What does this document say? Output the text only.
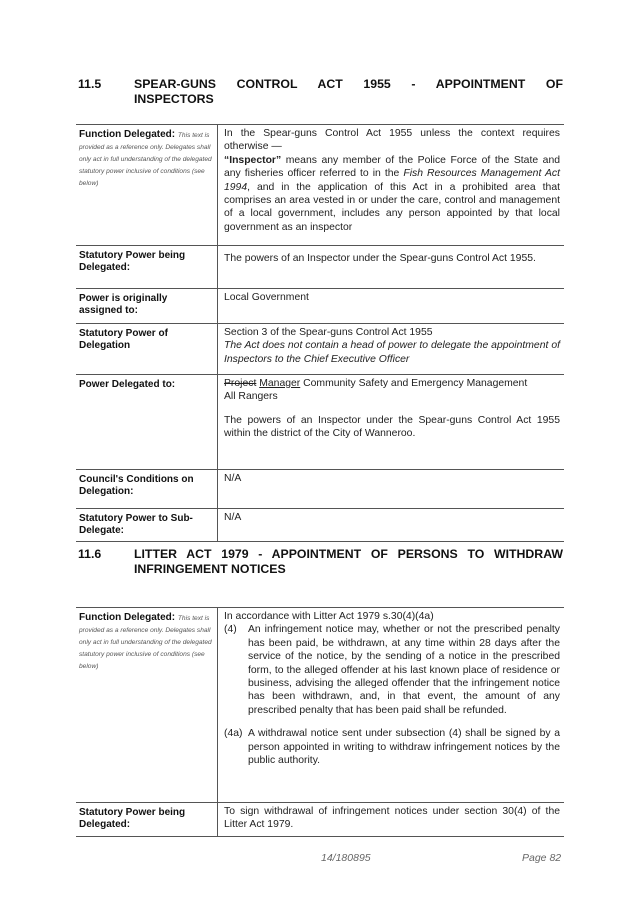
11.5	SPEAR-GUNS CONTROL ACT 1955 - APPOINTMENT OF
INSPECTORS
Function Delegated: This text is provided as a reference only. Delegates shall only act in full understanding of the delegated statutory power inclusive of conditions (see below)	In the Spear-guns Control Act 1955 unless the context requires otherwise —
“Inspector” means any member of the Police Force of the State and any fisheries officer referred to in the Fish Resources Management Act 1994, and in the application of this Act in a prohibited area that comprises an area vested in or under the care, control and management of a local government, includes any person appointed by that local government as an inspector

Statutory Power being Delegated:	The powers of an Inspector under the Spear-guns Control Act 1955.

Power is originally assigned to:	Local Government

Statutory Power of Delegation	Section 3 of the Spear-guns Control Act 1955
The Act does not contain a head of power to delegate the appointment of Inspectors to the Chief Executive Officer

Power Delegated to:	Project Manager Community Safety and Emergency Management
All Rangers
The powers of an Inspector under the Spear-guns Control Act 1955 within the district of the City of Wanneroo.

Council's Conditions on Delegation:	N/A

Statutory Power to Sub-Delegate:	N/A
11.6	LITTER ACT 1979 - APPOINTMENT OF PERSONS TO WITHDRAW
INFRINGEMENT NOTICES
Function Delegated: This text is provided as a reference only. Delegates shall only act in full understanding of the delegated statutory power inclusive of conditions (see below)	In accordance with Litter Act 1979 s.30(4)(4a)
(4) An infringement notice may, whether or not the prescribed penalty has been paid, be withdrawn, at any time within 28 days after the service of the notice, by the sending of a notice in the prescribed form, to the alleged offender at his last known place of residence or business, advising the alleged offender that the infringement notice has been withdrawn, and, in that event, the amount of any prescribed penalty that has been paid shall be refunded.
(4a) A withdrawal notice sent under subsection (4) shall be signed by a person appointed in writing to withdraw infringement notices by the public authority.

Statutory Power being Delegated:	To sign withdrawal of infringement notices under section 30(4) of the Litter Act 1979.
14/180895	Page 82
